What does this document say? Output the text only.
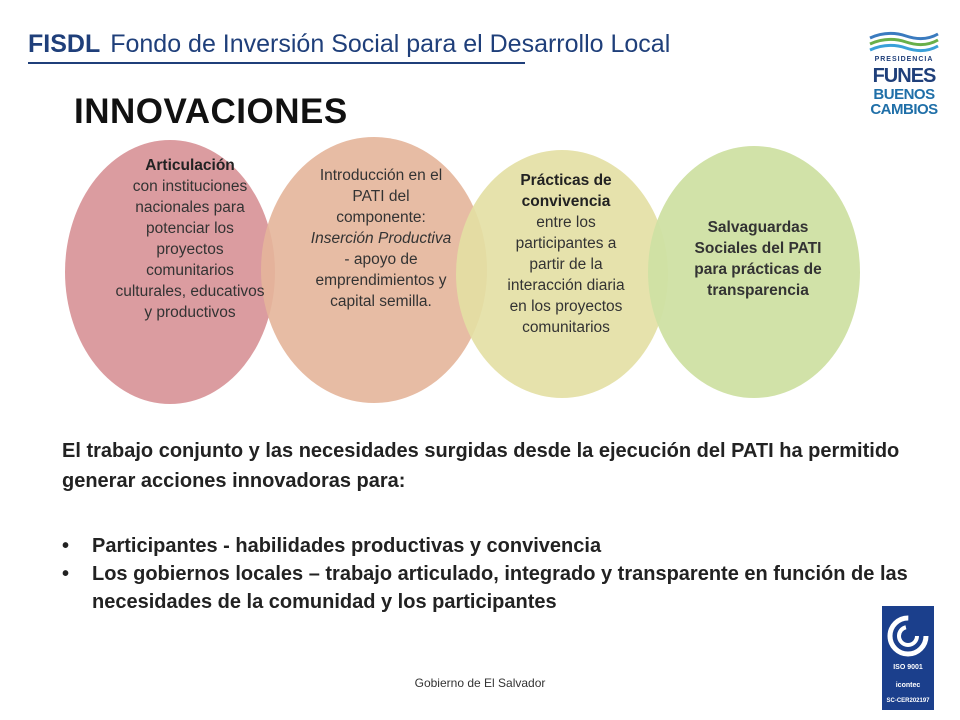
FISDL Fondo de Inversión Social para el Desarrollo Local
PRESIDENCIA
FUNES
BUENOS
CAMBIOS
INNOVACIONES
Articulación
con instituciones nacionales para potenciar los proyectos comunitarios culturales, educativos y productivos
Introducción en el PATI del componente: Inserción Productiva - apoyo de emprendimientos y capital semilla.
Prácticas de convivencia
entre los participantes a partir de la interacción diaria en los proyectos comunitarios
Salvaguardas Sociales del PATI para prácticas de transparencia
El trabajo conjunto y las necesidades surgidas desde la ejecución del PATI ha permitido generar acciones innovadoras para:
• Participantes - habilidades productivas y convivencia
• Los gobiernos locales – trabajo articulado, integrado y transparente en función de las necesidades de la comunidad y los participantes
Gobierno de El Salvador
ISO 9001
icontec
SC-CER202197
